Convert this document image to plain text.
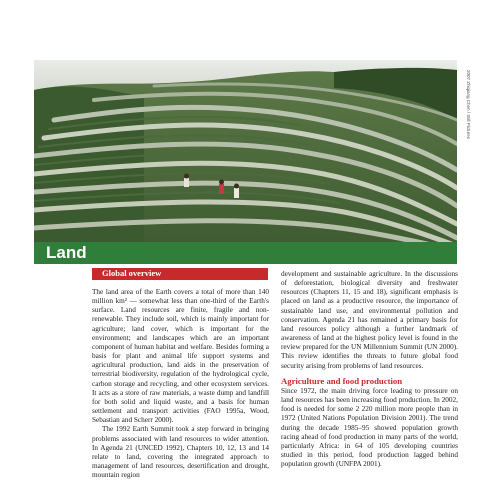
2007 Zhiqiang Chen / Still Pictures
Land
Global overview

The land area of the Earth covers a total of more than 140 million km² — somewhat less than one-third of the Earth's surface. Land resources are finite, fragile and non-renewable. They include soil, which is mainly important for agriculture; land cover, which is important for the environment; and landscapes which are an important component of human habitat and welfare. Besides forming a basis for plant and animal life support systems and agricultural production, land aids in the preservation of terrestrial biodiversity, regulation of the hydrological cycle, carbon storage and recycling, and other ecosystem services. It acts as a store of raw materials, a waste dump and landfill for both solid and liquid waste, and a basis for human settlement and transport activities (FAO 1995a, Wood, Sebastian and Scherr 2000).

The 1992 Earth Summit took a step forward in bringing problems associated with land resources to wider attention. In Agenda 21 (UNCED 1992), Chapters 10, 12, 13 and 14 relate to land, covering the integrated approach to management of land resources, desertification and drought, mountain region

development and sustainable agriculture. In the discussions of deforestation, biological diversity and freshwater resources (Chapters 11, 15 and 18), significant emphasis is placed on land as a productive resource, the importance of sustainable land use, and environmental pollution and conservation. Agenda 21 has remained a primary basis for land resources policy although a further landmark of awareness of land at the highest policy level is found in the review prepared for the UN Millennium Summit (UN 2000). This review identifies the threats to future global food security arising from problems of land resources.

Agriculture and food production

Since 1972, the main driving force leading to pressure on land resources has been increasing food production. In 2002, food is needed for some 2 220 million more people than in 1972 (United Nations Population Division 2001). The trend during the decade 1985–95 showed population growth racing ahead of food production in many parts of the world, particularly Africa: in 64 of 105 developing countries studied in this period, food production lagged behind population growth (UNFPA 2001).
